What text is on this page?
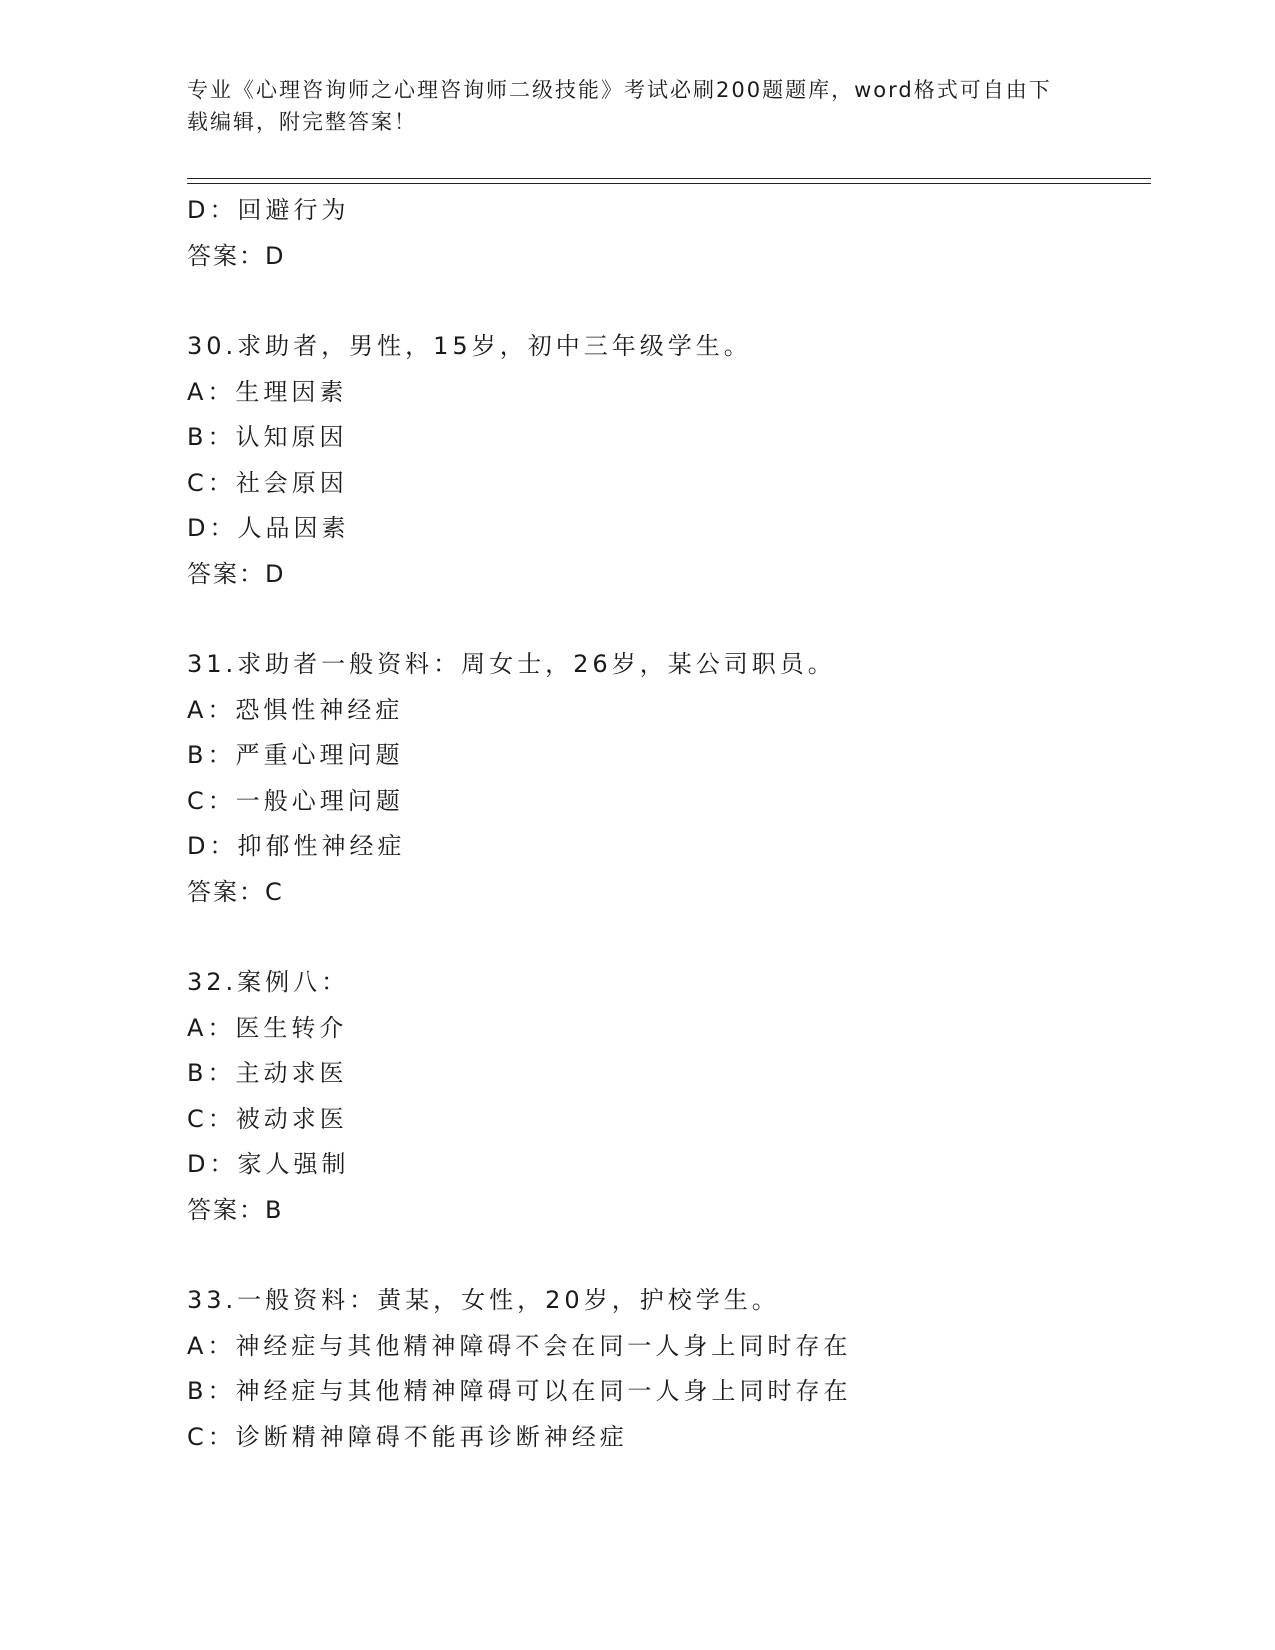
专业《心理咨询师之心理咨询师二级技能》考试必刷200题题库，word格式可自由下载编辑，附完整答案！
D：回避行为
答案：D
30.求助者，男性，15岁，初中三年级学生。
A：生理因素
B：认知原因
C：社会原因
D：人品因素
答案：D
31.求助者一般资料：周女士，26岁，某公司职员。
A：恐惧性神经症
B：严重心理问题
C：一般心理问题
D：抑郁性神经症
答案：C
32.案例八：
A：医生转介
B：主动求医
C：被动求医
D：家人强制
答案：B
33.一般资料：黄某，女性，20岁，护校学生。
A：神经症与其他精神障碍不会在同一人身上同时存在
B：神经症与其他精神障碍可以在同一人身上同时存在
C：诊断精神障碍不能再诊断神经症
